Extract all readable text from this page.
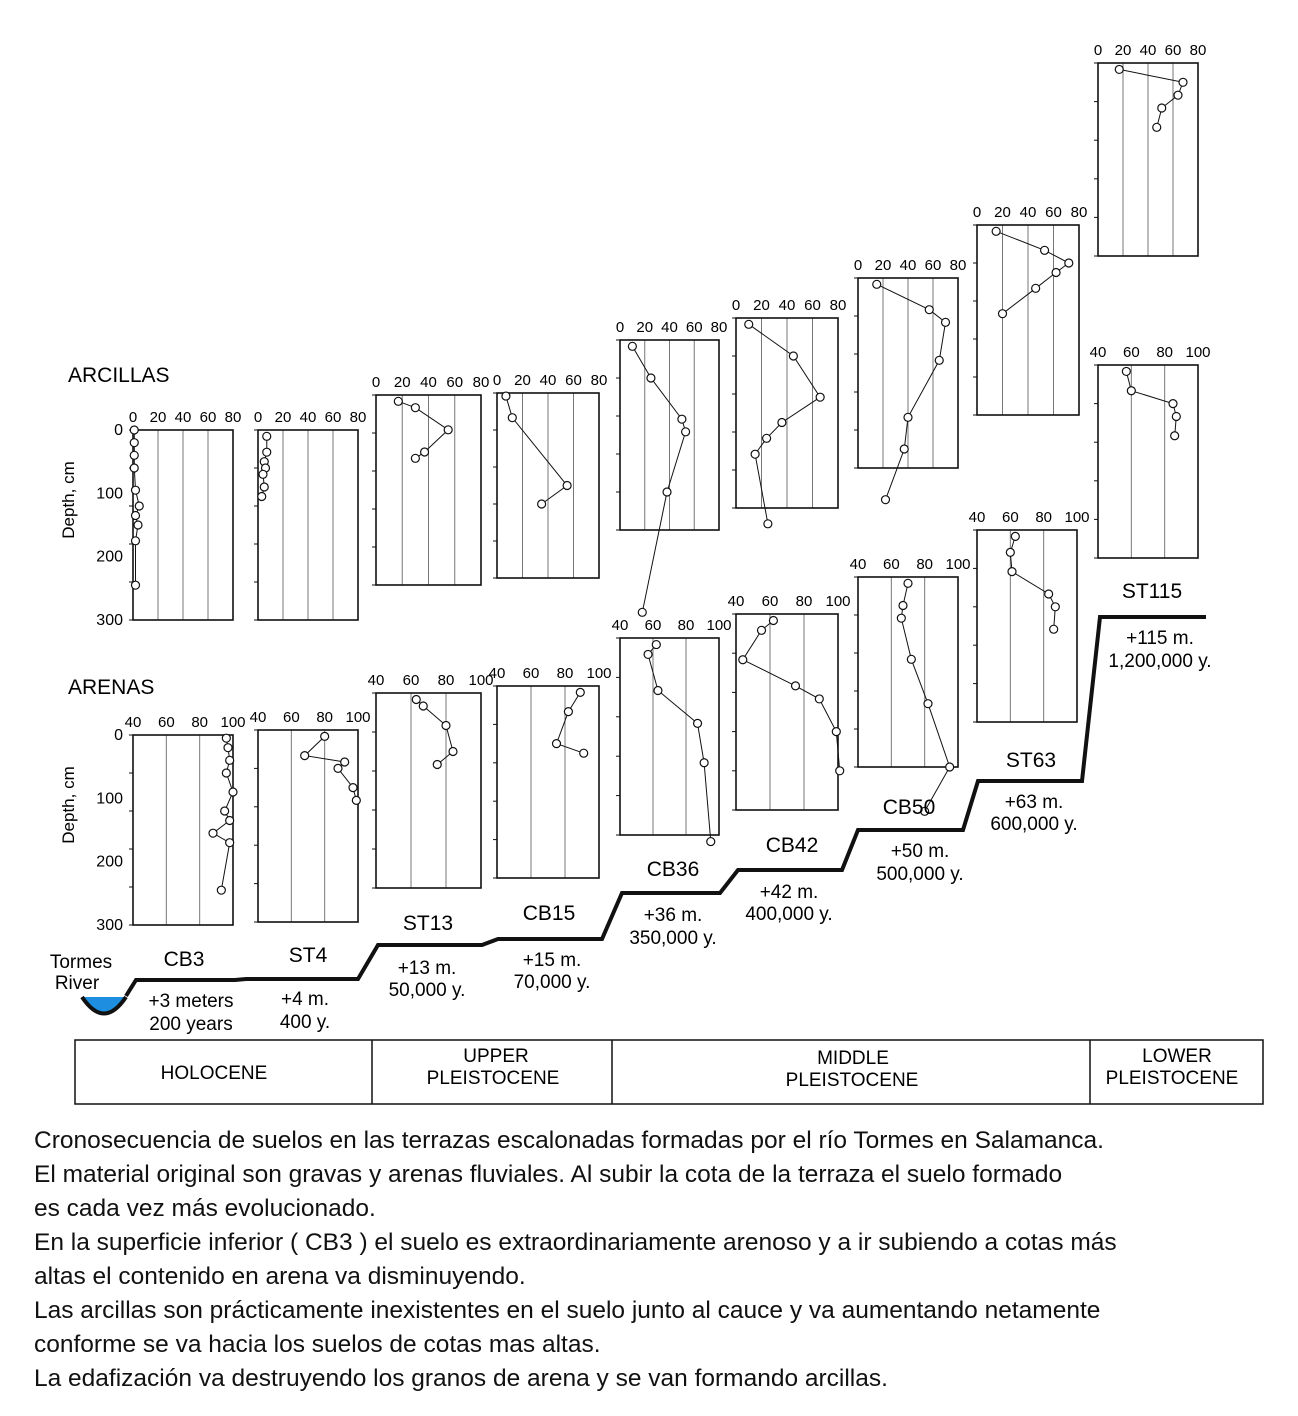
0 20 40 60 80
0
100
200
300
40 60 80 100
0
100
200
300
CB3
+3 meters
200 years
0 20 40 60 80
40 60 80 100
ST4
+4 m.
400 y.
0 20 40 60 80
40 60 80 100
ST13
+13 m.
50,000 y.
0 20 40 60 80
40 60 80 100
CB15
+15 m.
70,000 y.
0 20 40 60 80
40 60 80 100
CB36
+36 m.
350,000 y.
0 20 40 60 80
40 60 80 100
CB42
+42 m.
400,000 y.
0 20 40 60 80
40 60 80 100
CB50
+50 m.
500,000 y.
0 20 40 60 80
40 60 80 100
ST63
+63 m.
600,000 y.
0 20 40 60 80
40 60 80 100
ST115
+115 m.
1,200,000 y.
ARCILLAS
ARENAS
Depth, cm
Depth, cm
Tormes
River
HOLOCENE
UPPER
PLEISTOCENE
MIDDLE
PLEISTOCENE
LOWER
PLEISTOCENE

Cronosecuencia de suelos en las terrazas escalonadas formadas por el río Tormes en Salamanca.

El material original son gravas y arenas fluviales. Al subir la cota de la terraza el suelo formado

es cada vez más evolucionado.

En la superficie inferior ( CB3 ) el suelo es extraordinariamente arenoso y a ir subiendo a cotas más

altas el contenido en arena va disminuyendo.

Las arcillas son prácticamente inexistentes en el suelo junto al cauce y va aumentando netamente

conforme se va hacia los suelos de cotas mas altas.

La edafización va destruyendo los granos de arena y se van formando arcillas.
